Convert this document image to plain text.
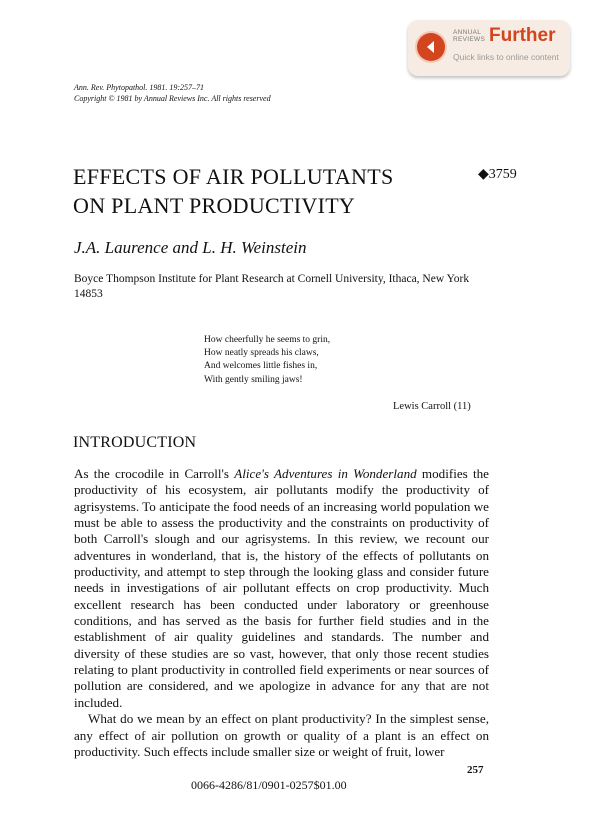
ANNUAL
REVIEWS Further
Quick links to online content
Ann. Rev. Phytopathol. 1981. 19:257–71
Copyright © 1981 by Annual Reviews Inc. All rights reserved
EFFECTS OF AIR POLLUTANTS
ON PLANT PRODUCTIVITY
◆3759
J.A. Laurence and L. H. Weinstein
Boyce Thompson Institute for Plant Research at Cornell University, Ithaca, New York 14853
How cheerfully he seems to grin,
How neatly spreads his claws,
And welcomes little fishes in,
With gently smiling jaws!
Lewis Carroll (11)
INTRODUCTION

As the crocodile in Carroll's Alice's Adventures in Wonderland modifies the productivity of his ecosystem, air pollutants modify the productivity of agrisystems. To anticipate the food needs of an increasing world population we must be able to assess the productivity and the constraints on productivity of both Carroll's slough and our agrisystems. In this review, we recount our adventures in wonderland, that is, the history of the effects of pollutants on productivity, and attempt to step through the looking glass and consider future needs in investigations of air pollutant effects on crop productivity. Much excellent research has been conducted under laboratory or greenhouse conditions, and has served as the basis for further field studies and in the establishment of air quality guidelines and standards. The number and diversity of these studies are so vast, however, that only those recent studies relating to plant productivity in controlled field experiments or near sources of pollution are considered, and we apologize in advance for any that are not included.

What do we mean by an effect on plant productivity? In the simplest sense, any effect of air pollution on growth or quality of a plant is an effect on productivity. Such effects include smaller size or weight of fruit, lower

257
0066-4286/81/0901-0257$01.00
